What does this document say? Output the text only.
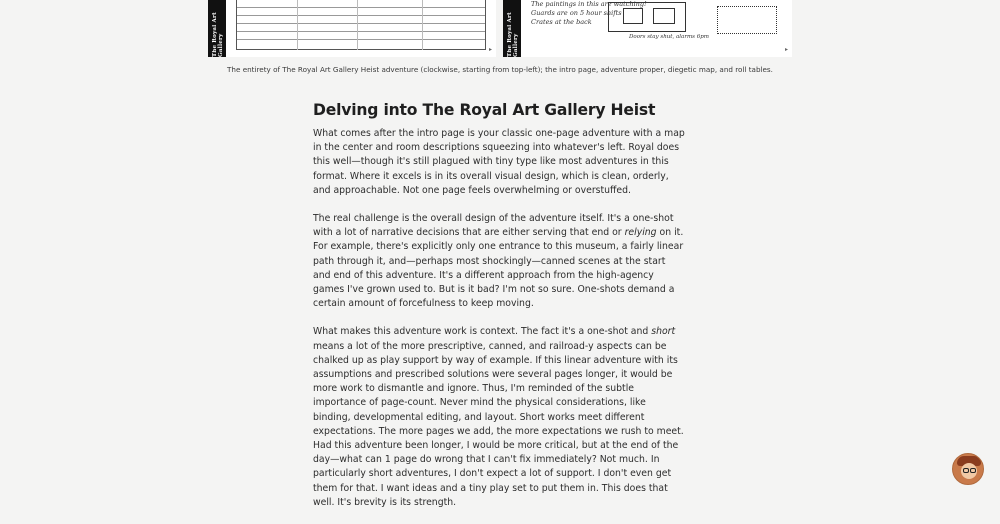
The Royal Art Gallery	▸	The Royal Art Gallery
The paintings in this are watching!
Guards are on 5 hour shifts
Crates at the back
Doors stay shut, alarms 6pm
▸
The entirety of The Royal Art Gallery Heist adventure (clockwise, starting from top-left); the intro page, adventure proper, diegetic map, and roll tables.
Delving into The Royal Art Gallery Heist

What comes after the intro page is your classic one-page adventure with a map in the center and room descriptions squeezing into whatever's left. Royal does this well—though it's still plagued with tiny type like most adventures in this format. Where it excels is in its overall visual design, which is clean, orderly, and approachable. Not one page feels overwhelming or overstuffed.

The real challenge is the overall design of the adventure itself. It's a one-shot with a lot of narrative decisions that are either serving that end or relying on it. For example, there's explicitly only one entrance to this museum, a fairly linear path through it, and—perhaps most shockingly—canned scenes at the start and end of this adventure. It's a different approach from the high-agency games I've grown used to. But is it bad? I'm not so sure. One-shots demand a certain amount of forcefulness to keep moving.

What makes this adventure work is context. The fact it's a one-shot and short means a lot of the more prescriptive, canned, and railroad-y aspects can be chalked up as play support by way of example. If this linear adventure with its assumptions and prescribed solutions were several pages longer, it would be more work to dismantle and ignore. Thus, I'm reminded of the subtle importance of page-count. Never mind the physical considerations, like binding, developmental editing, and layout. Short works meet different expectations. The more pages we add, the more expectations we rush to meet. Had this adventure been longer, I would be more critical, but at the end of the day—what can 1 page do wrong that I can't fix immediately? Not much. In particularly short adventures, I don't expect a lot of support. I don't even get them for that. I want ideas and a tiny play set to put them in. This does that well. It's brevity is its strength.
